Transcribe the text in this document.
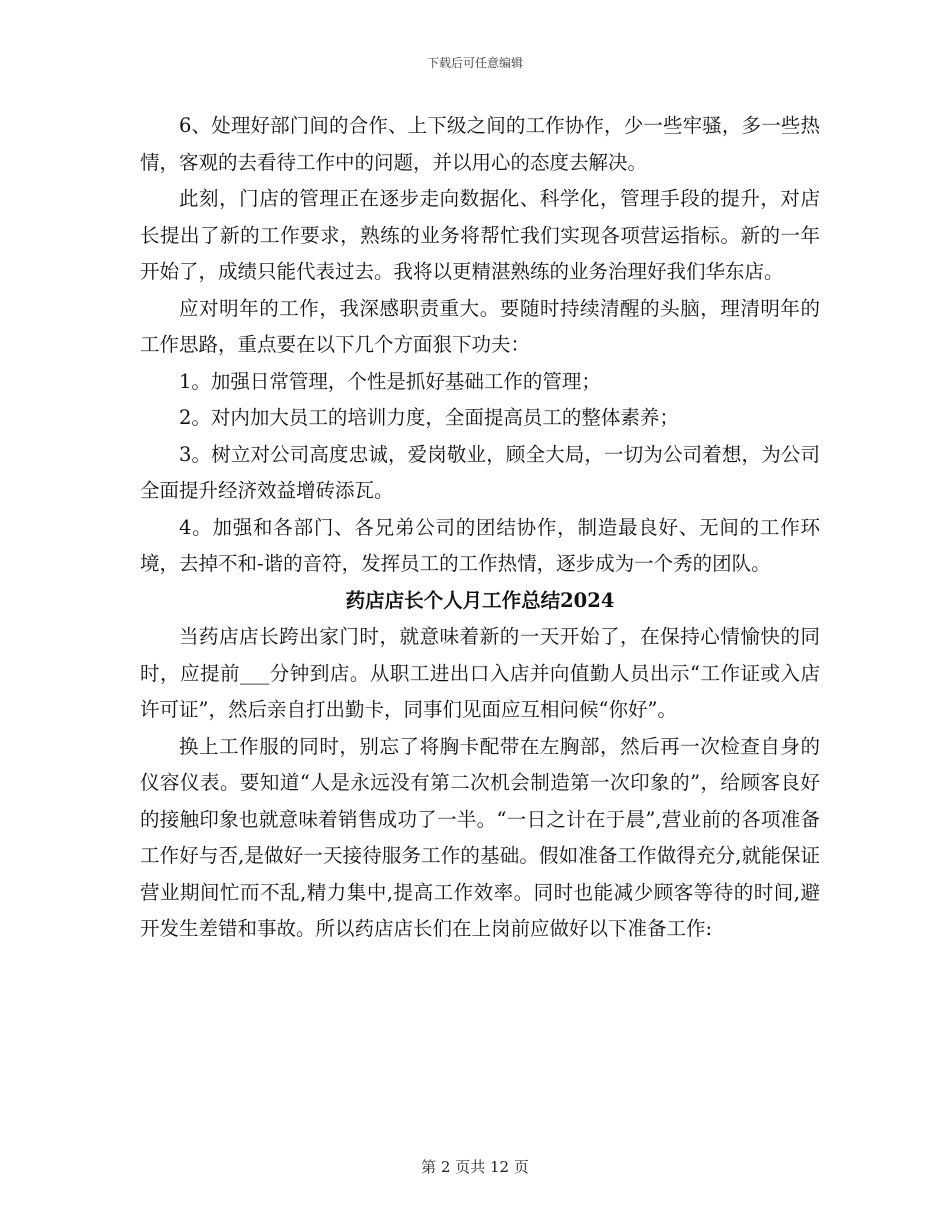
下载后可任意编辑

6、处理好部门间的合作、上下级之间的工作协作，少一些牢骚，多一些热情，客观的去看待工作中的问题，并以用心的态度去解决。

此刻，门店的管理正在逐步走向数据化、科学化，管理手段的提升，对店长提出了新的工作要求，熟练的业务将帮忙我们实现各项营运指标。新的一年开始了，成绩只能代表过去。我将以更精湛熟练的业务治理好我们华东店。

应对明年的工作，我深感职责重大。要随时持续清醒的头脑，理清明年的工作思路，重点要在以下几个方面狠下功夫：

1。加强日常管理，个性是抓好基础工作的管理；

2。对内加大员工的培训力度，全面提高员工的整体素养；

3。树立对公司高度忠诚，爱岗敬业，顾全大局，一切为公司着想，为公司全面提升经济效益增砖添瓦。

4。加强和各部门、各兄弟公司的团结协作，制造最良好、无间的工作环境，去掉不和-谐的音符，发挥员工的工作热情，逐步成为一个秀的团队。

药店店长个人月工作总结2024

当药店店长跨出家门时，就意味着新的一天开始了，在保持心情愉快的同时，应提前___分钟到店。从职工进出口入店并向值勤人员出示“工作证或入店许可证”，然后亲自打出勤卡，同事们见面应互相问候“你好”。

换上工作服的同时，别忘了将胸卡配带在左胸部，然后再一次检查自身的仪容仪表。要知道“人是永远没有第二次机会制造第一次印象的”，给顾客良好的接触印象也就意味着销售成功了一半。“一日之计在于晨”,营业前的各项准备工作好与否,是做好一天接待服务工作的基础。假如准备工作做得充分,就能保证营业期间忙而不乱,精力集中,提高工作效率。同时也能减少顾客等待的时间,避开发生差错和事故。所以药店店长们在上岗前应做好以下准备工作:

第 2 页共 12 页
